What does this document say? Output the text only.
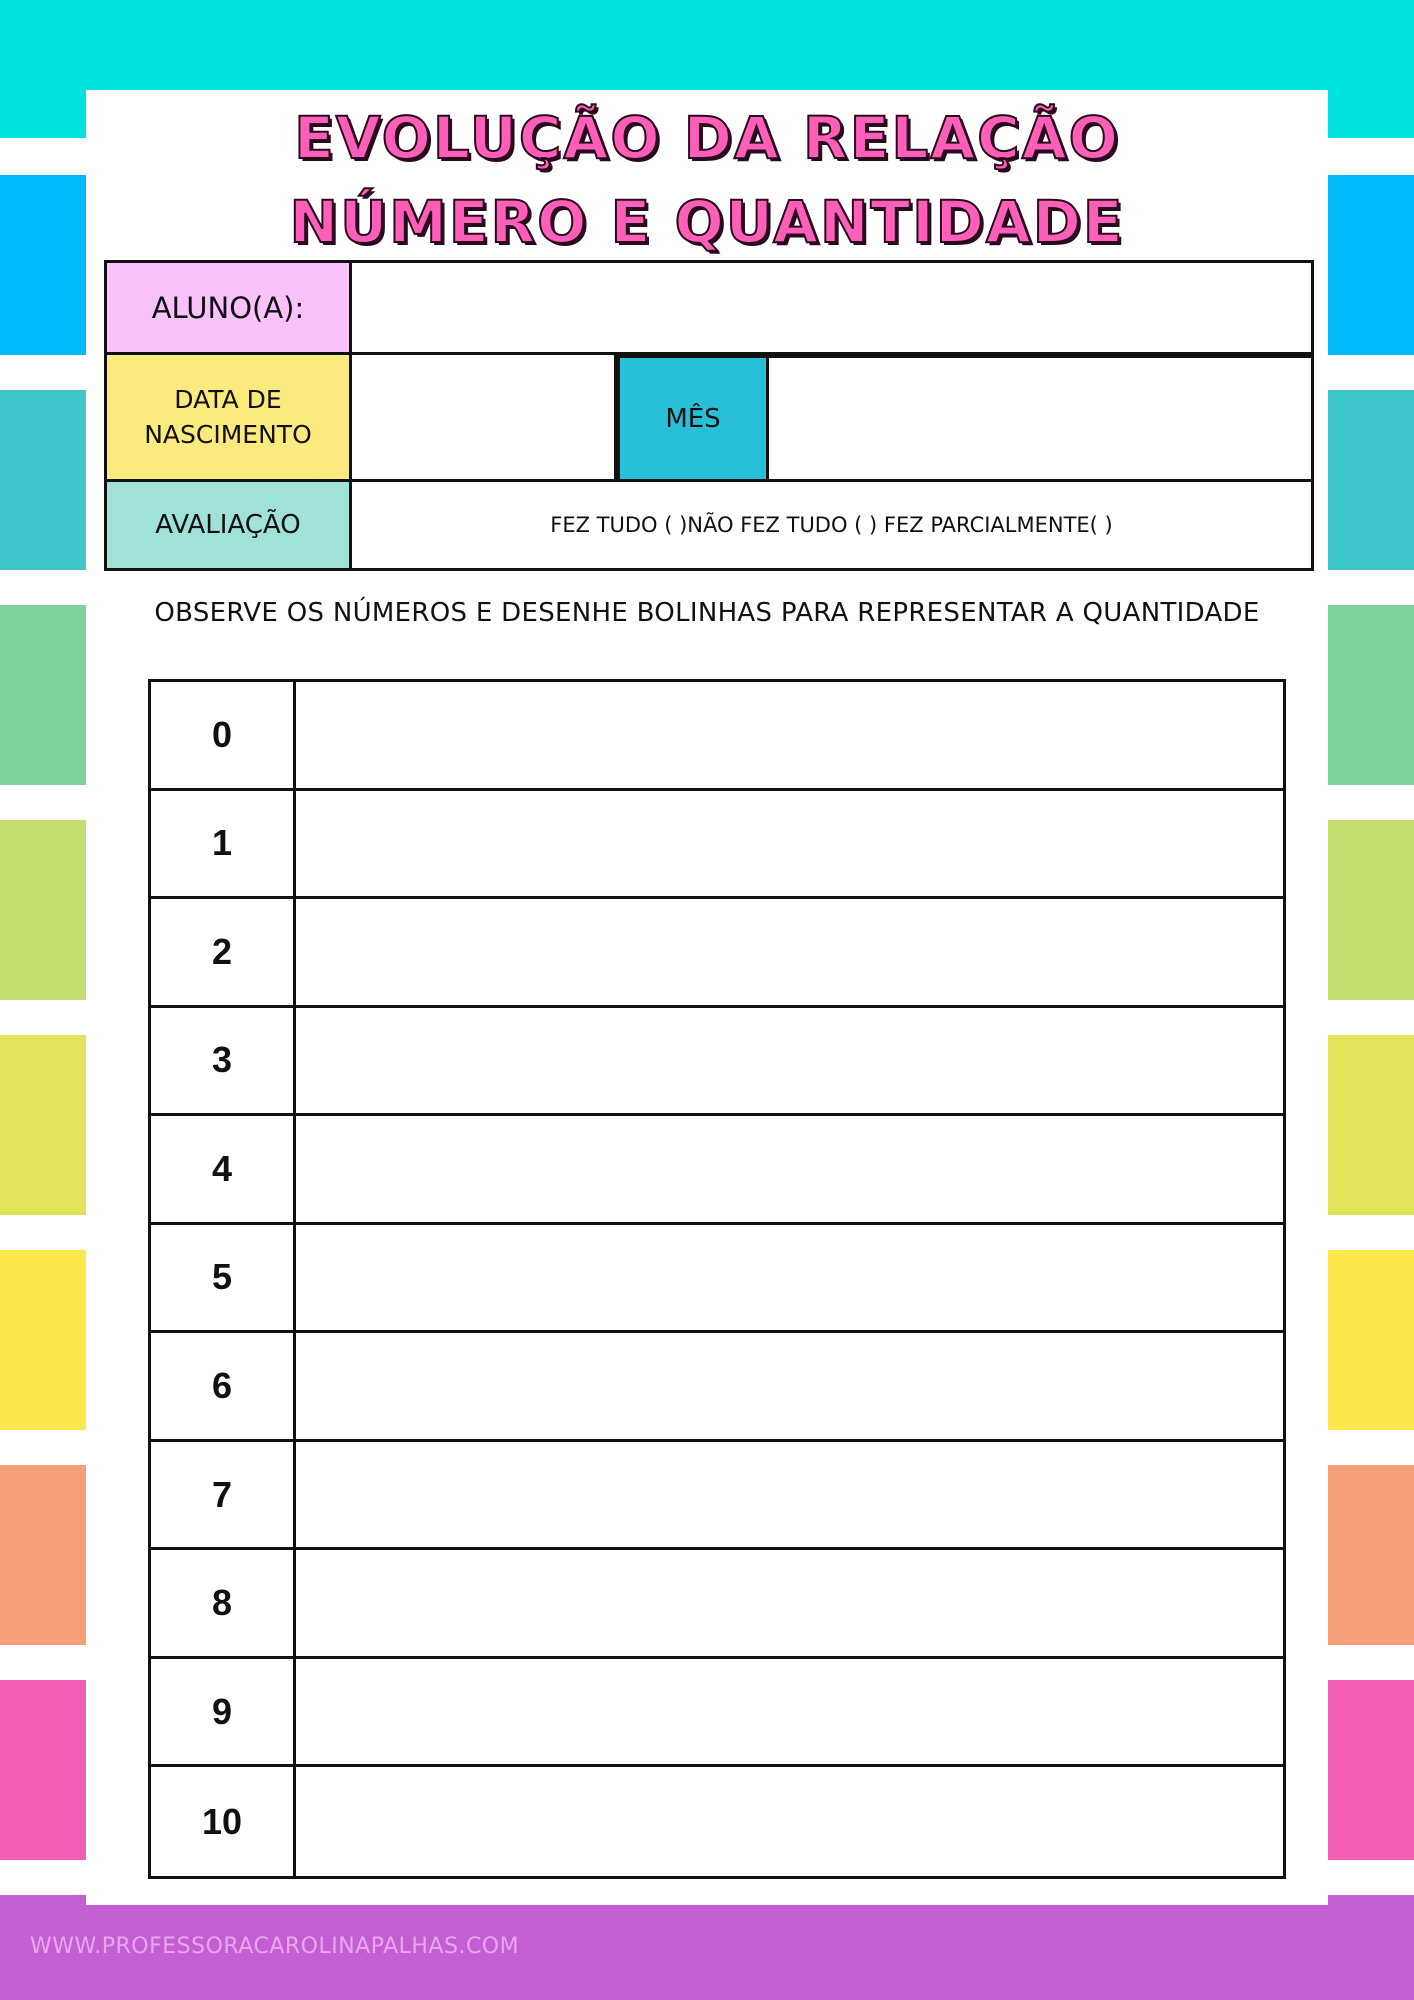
EVOLUÇÃO DA RELAÇÃO
NÚMERO E QUANTIDADE
ALUNO(A):
DATA DE
NASCIMENTO
MÊS
AVALIAÇÃO	FEZ TUDO ( )NÃO FEZ TUDO ( ) FEZ PARCIALMENTE( )
OBSERVE OS NÚMEROS E DESENHE BOLINHAS PARA REPRESENTAR A QUANTIDADE
0
1
2
3
4
5
6
7
8
9
10
WWW.PROFESSORACAROLINAPALHAS.COM
